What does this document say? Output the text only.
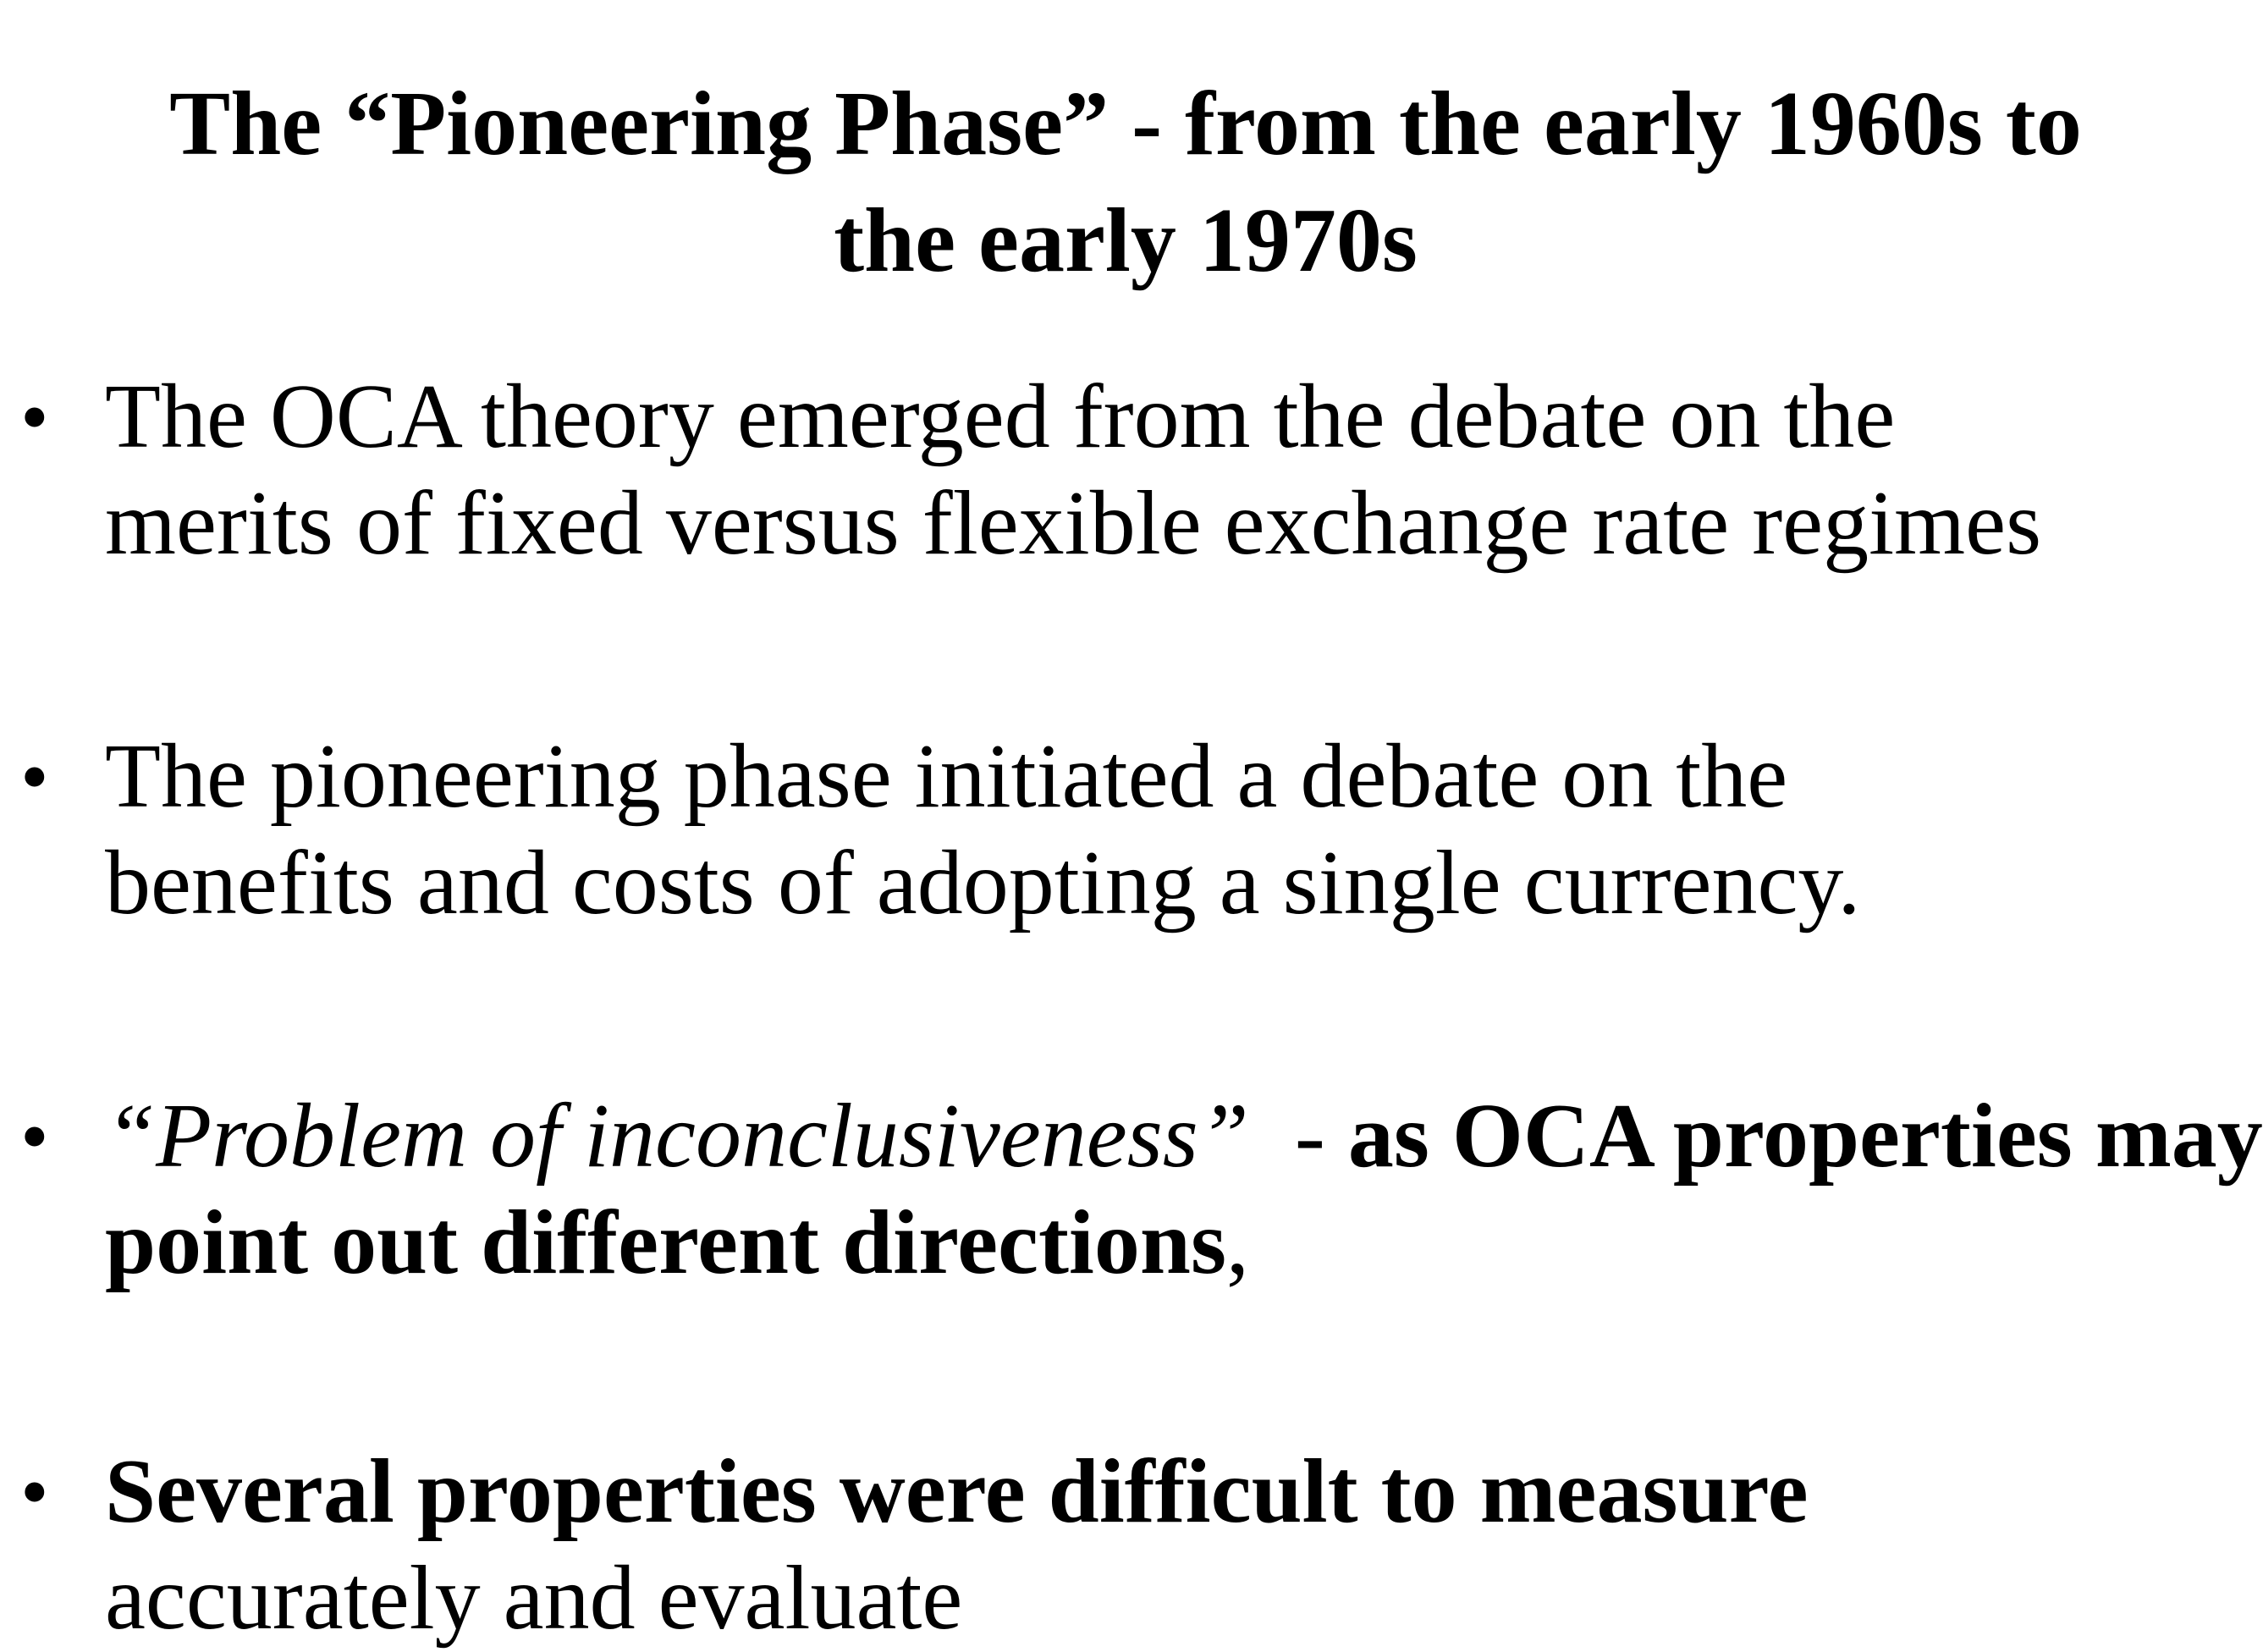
The “Pioneering Phase” - from the early 1960s to
the early 1970s
• The OCA theory emerged from the debate on the
merits of fixed versus flexible exchange rate regimes
• The pioneering phase initiated a debate on the
benefits and costs of adopting a single currency.
• “Problem of inconclusiveness”  - as OCA properties may
point out different directions,
• Several properties were difficult to measure
accurately and evaluate
